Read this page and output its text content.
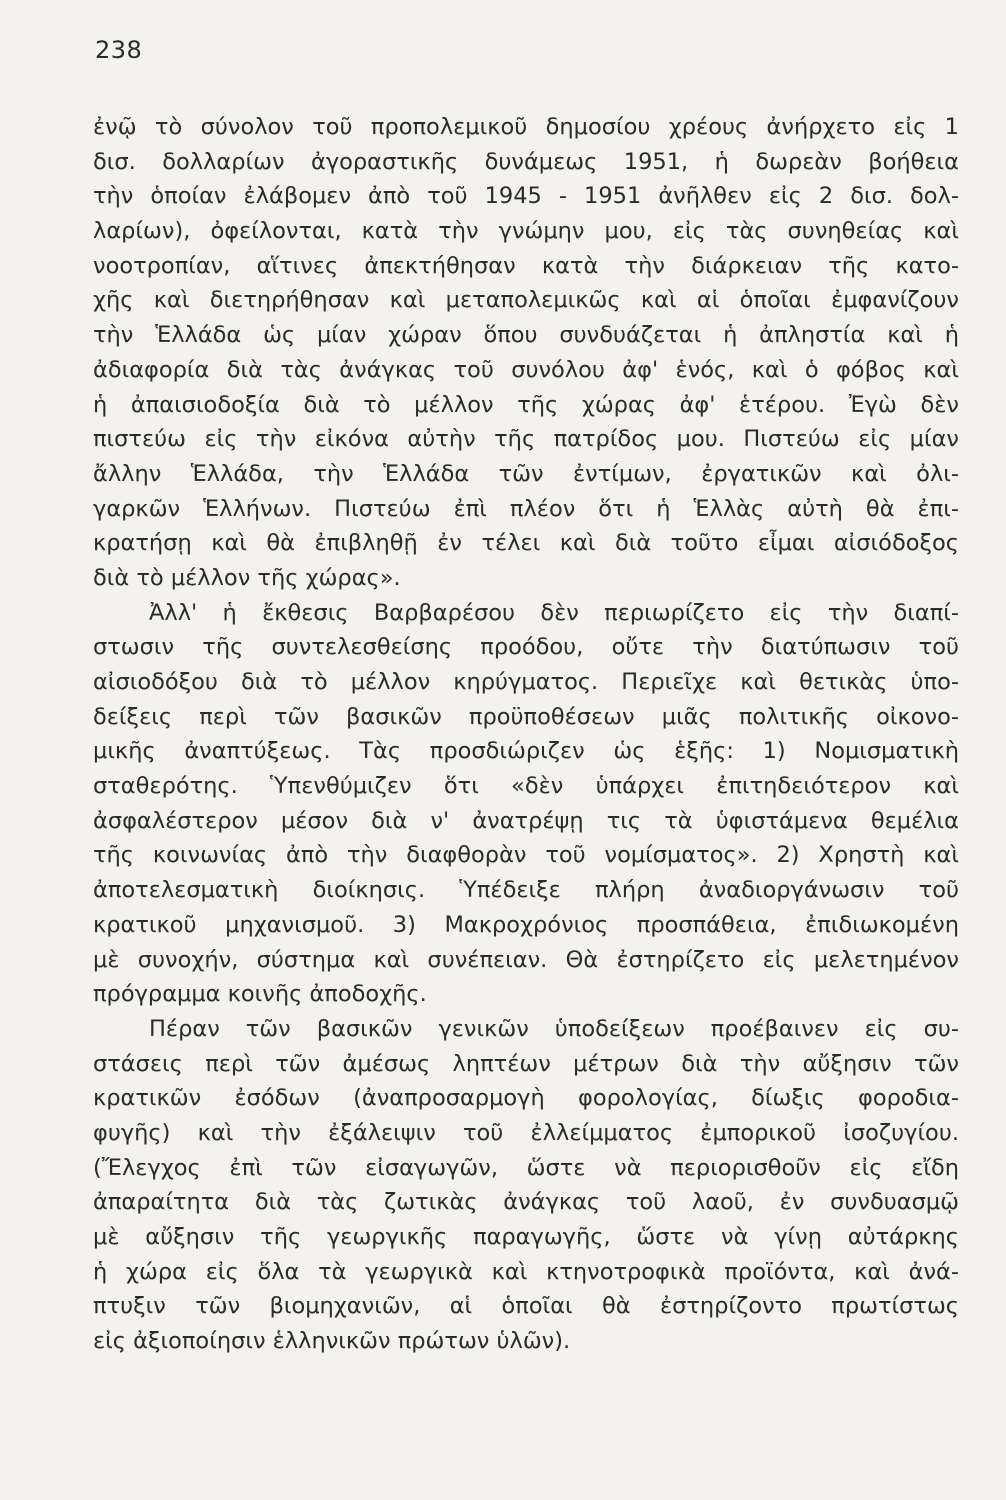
238
ἐνῷ τὸ σύνολον τοῦ προπολεμικοῦ δημοσίου χρέους ἀνήρχετο εἰς 1
δισ. δολλαρίων ἀγοραστικῆς δυνάμεως 1951, ἡ δωρεὰν βοήθεια
τὴν ὁποίαν ἐλάβομεν ἀπὸ τοῦ 1945 - 1951 ἀνῆλθεν εἰς 2 δισ. δολ-
λαρίων), ὀφείλονται, κατὰ τὴν γνώμην μου, εἰς τὰς συνηθείας καὶ
νοοτροπίαν, αἵτινες ἀπεκτήθησαν κατὰ τὴν διάρκειαν τῆς κατο-
χῆς καὶ διετηρήθησαν καὶ μεταπολεμικῶς καὶ αἱ ὁποῖαι ἐμφανίζουν
τὴν Ἑλλάδα ὡς μίαν χώραν ὅπου συνδυάζεται ἡ ἀπληστία καὶ ἡ
ἀδιαφορία διὰ τὰς ἀνάγκας τοῦ συνόλου ἀφ' ἑνός, καὶ ὁ φόβος καὶ
ἡ ἀπαισιοδοξία διὰ τὸ μέλλον τῆς χώρας ἀφ' ἑτέρου. Ἐγὼ δὲν
πιστεύω εἰς τὴν εἰκόνα αὐτὴν τῆς πατρίδος μου. Πιστεύω εἰς μίαν
ἄλλην Ἑλλάδα, τὴν Ἑλλάδα τῶν ἐντίμων, ἐργατικῶν καὶ ὀλι-
γαρκῶν Ἑλλήνων. Πιστεύω ἐπὶ πλέον ὅτι ἡ Ἑλλὰς αὐτὴ θὰ ἐπι-
κρατήσῃ καὶ θὰ ἐπιβληθῇ ἐν τέλει καὶ διὰ τοῦτο εἶμαι αἰσιόδοξος
διὰ τὸ μέλλον τῆς χώρας».
Ἀλλ' ἡ ἔκθεσις Βαρβαρέσου δὲν περιωρίζετο εἰς τὴν διαπί-
στωσιν τῆς συντελεσθείσης προόδου, οὔτε τὴν διατύπωσιν τοῦ
αἰσιοδόξου διὰ τὸ μέλλον κηρύγματος. Περιεῖχε καὶ θετικὰς ὑπο-
δείξεις περὶ τῶν βασικῶν προϋποθέσεων μιᾶς πολιτικῆς οἰκονο-
μικῆς ἀναπτύξεως. Τὰς προσδιώριζεν ὡς ἑξῆς: 1) Νομισματικὴ
σταθερότης. Ὑπενθύμιζεν ὅτι «δὲν ὑπάρχει ἐπιτηδειότερον καὶ
ἀσφαλέστερον μέσον διὰ ν' ἀνατρέψῃ τις τὰ ὑφιστάμενα θεμέλια
τῆς κοινωνίας ἀπὸ τὴν διαφθορὰν τοῦ νομίσματος». 2) Χρηστὴ καὶ
ἀποτελεσματικὴ διοίκησις. Ὑπέδειξε πλήρη ἀναδιοργάνωσιν τοῦ
κρατικοῦ μηχανισμοῦ. 3) Μακροχρόνιος προσπάθεια, ἐπιδιωκομένη
μὲ συνοχήν, σύστημα καὶ συνέπειαν. Θὰ ἐστηρίζετο εἰς μελετημένον
πρόγραμμα κοινῆς ἀποδοχῆς.
Πέραν τῶν βασικῶν γενικῶν ὑποδείξεων προέβαινεν εἰς συ-
στάσεις περὶ τῶν ἀμέσως ληπτέων μέτρων διὰ τὴν αὔξησιν τῶν
κρατικῶν ἐσόδων (ἀναπροσαρμογὴ φορολογίας, δίωξις φοροδια-
φυγῆς) καὶ τὴν ἐξάλειψιν τοῦ ἐλλείμματος ἐμπορικοῦ ἰσοζυγίου.
(Ἔλεγχος ἐπὶ τῶν εἰσαγωγῶν, ὥστε νὰ περιορισθοῦν εἰς εἴδη
ἀπαραίτητα διὰ τὰς ζωτικὰς ἀνάγκας τοῦ λαοῦ, ἐν συνδυασμῷ
μὲ αὔξησιν τῆς γεωργικῆς παραγωγῆς, ὥστε νὰ γίνῃ αὐτάρκης
ἡ χώρα εἰς ὅλα τὰ γεωργικὰ καὶ κτηνοτροφικὰ προϊόντα, καὶ ἀνά-
πτυξιν τῶν βιομηχανιῶν, αἱ ὁποῖαι θὰ ἐστηρίζοντο πρωτίστως
εἰς ἀξιοποίησιν ἑλληνικῶν πρώτων ὑλῶν).
